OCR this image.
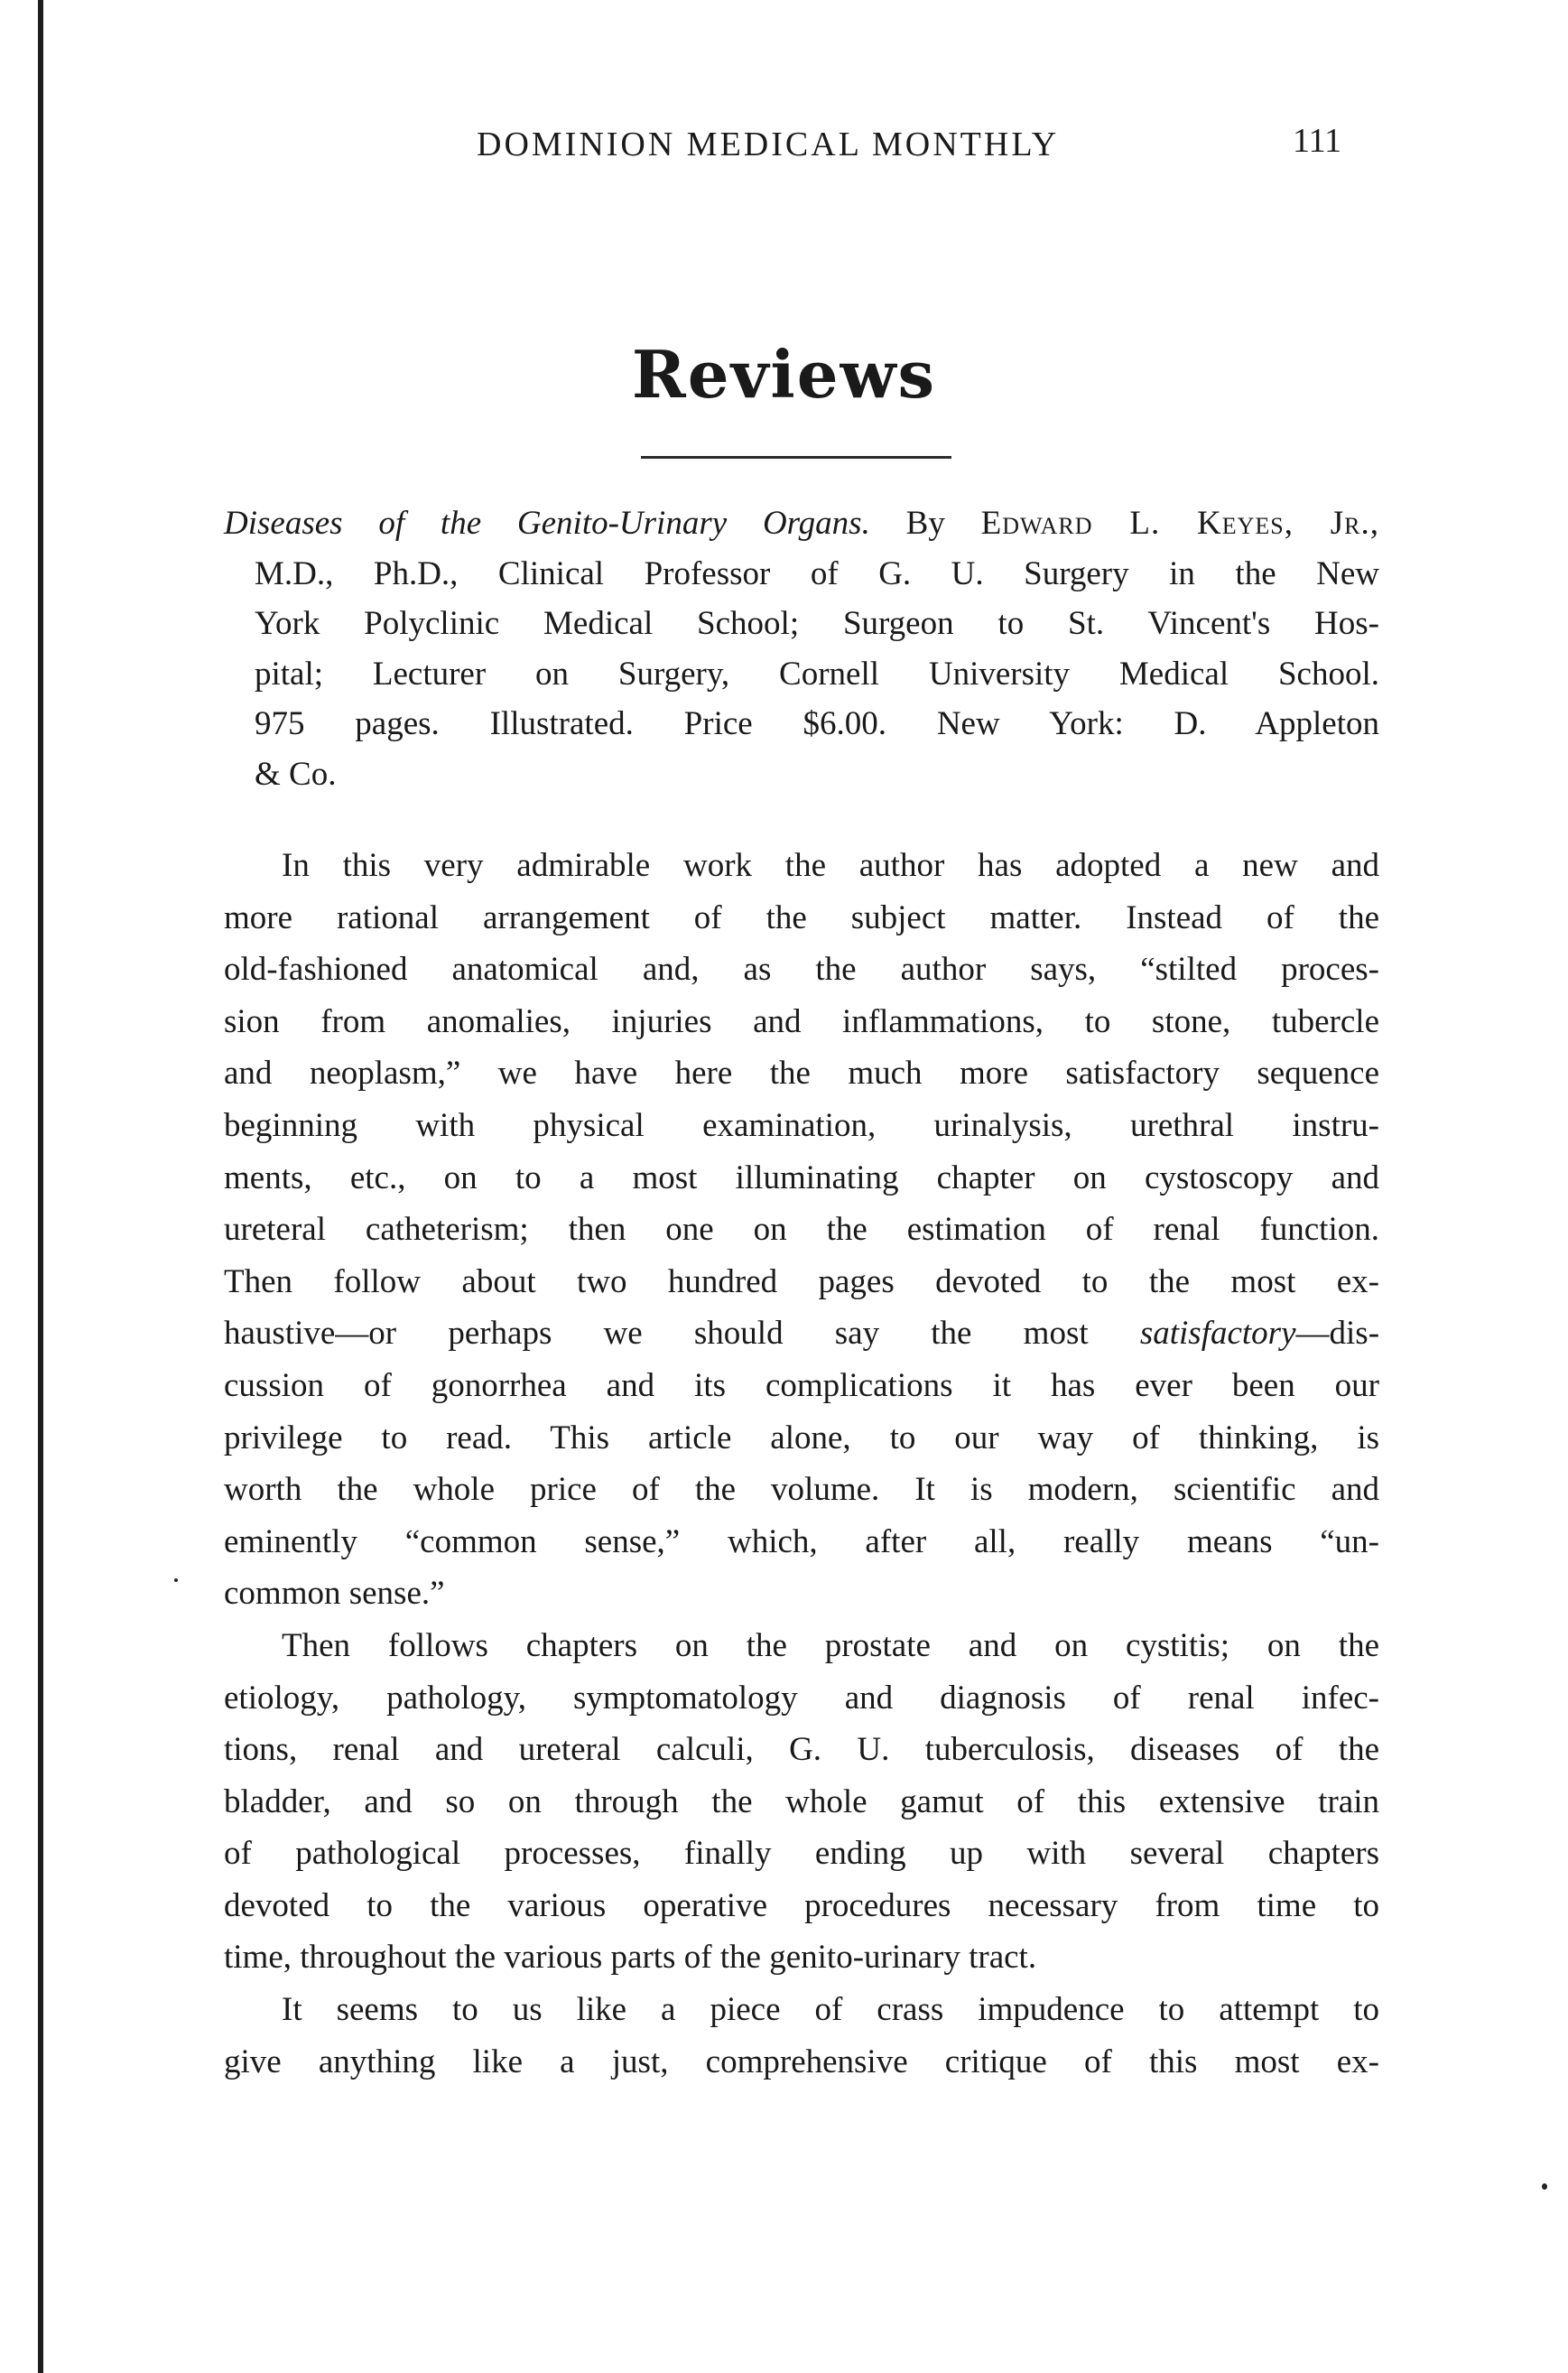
DOMINION MEDICAL MONTHLY	111
Reviews
Diseases of the Genito-Urinary Organs. By Edward L. Keyes, Jr.,
M.D., Ph.D., Clinical Professor of G. U. Surgery in the New
York Polyclinic Medical School; Surgeon to St. Vincent's Hos-
pital; Lecturer on Surgery, Cornell University Medical School.
975 pages. Illustrated. Price $6.00. New York: D. Appleton
& Co.
In this very admirable work the author has adopted a new and
more rational arrangement of the subject matter. Instead of the
old-fashioned anatomical and, as the author says, “stilted proces-
sion from anomalies, injuries and inflammations, to stone, tubercle
and neoplasm,” we have here the much more satisfactory sequence
beginning with physical examination, urinalysis, urethral instru-
ments, etc., on to a most illuminating chapter on cystoscopy and
ureteral catheterism; then one on the estimation of renal function.
Then follow about two hundred pages devoted to the most ex-
haustive—or perhaps we should say the most satisfactory—dis-
cussion of gonorrhea and its complications it has ever been our
privilege to read. This article alone, to our way of thinking, is
worth the whole price of the volume. It is modern, scientific and
eminently “common sense,” which, after all, really means “un-
common sense.”
Then follows chapters on the prostate and on cystitis; on the
etiology, pathology, symptomatology and diagnosis of renal infec-
tions, renal and ureteral calculi, G. U. tuberculosis, diseases of the
bladder, and so on through the whole gamut of this extensive train
of pathological processes, finally ending up with several chapters
devoted to the various operative procedures necessary from time to
time, throughout the various parts of the genito-urinary tract.
It seems to us like a piece of crass impudence to attempt to
give anything like a just, comprehensive critique of this most ex-
